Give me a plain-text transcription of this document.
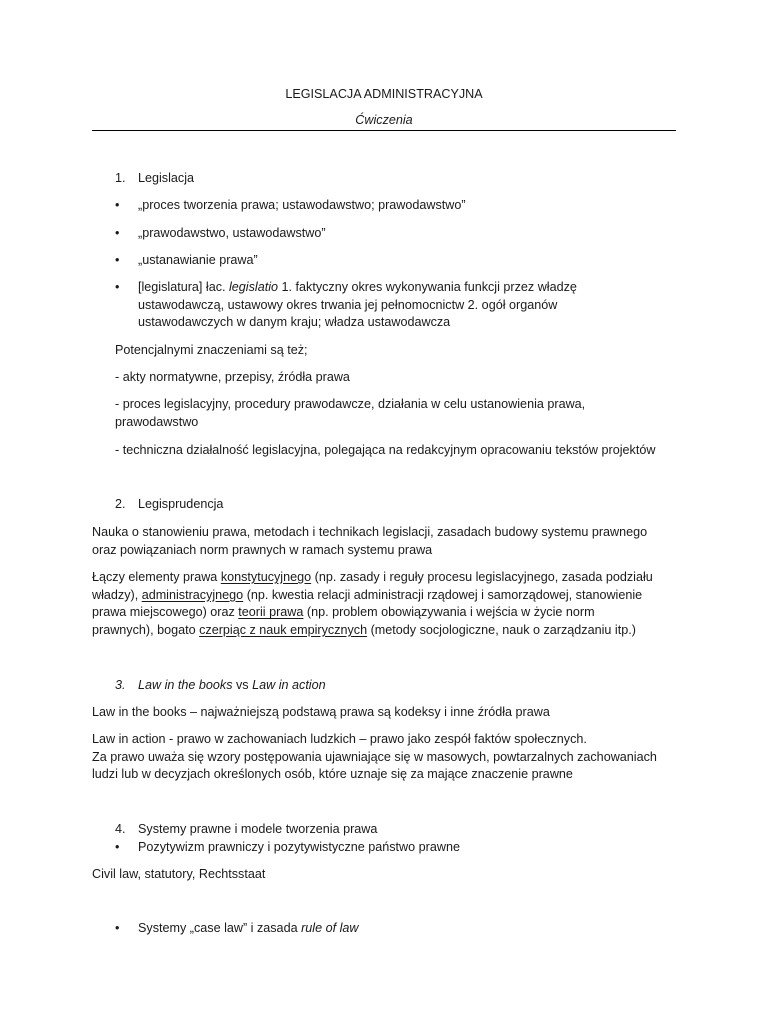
LEGISLACJA ADMINISTRACYJNA
Ćwiczenia
1. Legislacja
• „proces tworzenia prawa; ustawodawstwo; prawodawstwo”
• „prawodawstwo, ustawodawstwo”
• „ustanawianie prawa”
• [legislatura] łac. legislatio 1. faktyczny okres wykonywania funkcji przez władzę
ustawodawczą, ustawowy okres trwania jej pełnomocnictw 2. ogół organów
ustawodawczych w danym kraju; władza ustawodawcza
Potencjalnymi znaczeniami są też;
- akty normatywne, przepisy, źródła prawa
- proces legislacyjny, procedury prawodawcze, działania w celu ustanowienia prawa,
prawodawstwo
- techniczna działalność legislacyjna, polegająca na redakcyjnym opracowaniu tekstów projektów
2. Legisprudencja
Nauka o stanowieniu prawa, metodach i technikach legislacji, zasadach budowy systemu prawnego
oraz powiązaniach norm prawnych w ramach systemu prawa
Łączy elementy prawa konstytucyjnego (np. zasady i reguły procesu legislacyjnego, zasada podziału
władzy), administracyjnego (np. kwestia relacji administracji rządowej i samorządowej, stanowienie
prawa miejscowego) oraz teorii prawa (np. problem obowiązywania i wejścia w życie norm
prawnych), bogato czerpiąc z nauk empirycznych (metody socjologiczne, nauk o zarządzaniu itp.)
3. Law in the books vs Law in action
Law in the books – najważniejszą podstawą prawa są kodeksy i inne źródła prawa
Law in action - prawo w zachowaniach ludzkich – prawo jako zespół faktów społecznych.
Za prawo uważa się wzory postępowania ujawniające się w masowych, powtarzalnych zachowaniach
ludzi lub w decyzjach określonych osób, które uznaje się za mające znaczenie prawne
4. Systemy prawne i modele tworzenia prawa
• Pozytywizm prawniczy i pozytywistyczne państwo prawne
Civil law, statutory, Rechtsstaat
• Systemy „case law” i zasada rule of law
